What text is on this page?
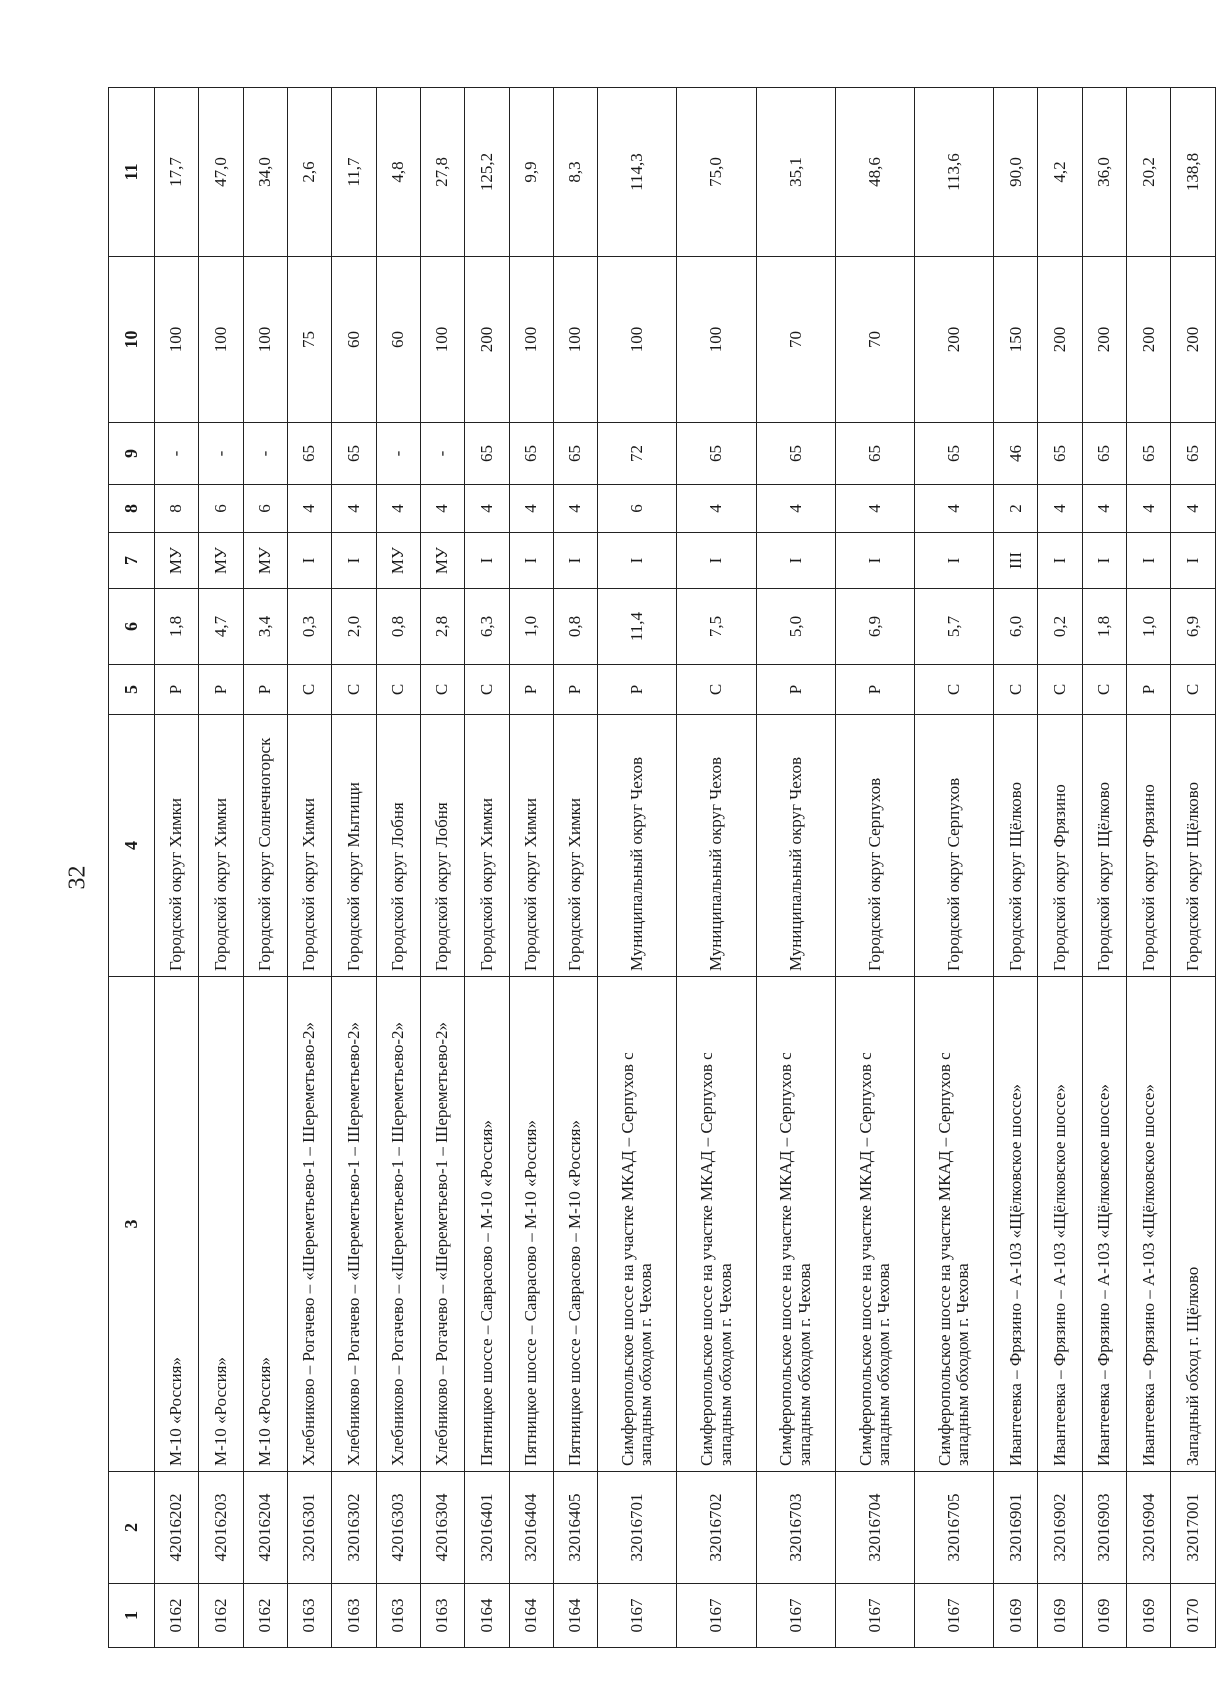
32
1	2	3	4	5	6	7	8	9	10	11
0162	42016202	М-10 «Россия»	Городской округ Химки	Р	1,8	МУ	8	-	100	17,7
0162	42016203	М-10 «Россия»	Городской округ Химки	Р	4,7	МУ	6	-	100	47,0
0162	42016204	М-10 «Россия»	Городской округ Солнечногорск	Р	3,4	МУ	6	-	100	34,0
0163	32016301	Хлебниково – Рогачево – «Шереметьево-1 – Шереметьево-2»	Городской округ Химки	С	0,3	I	4	65	75	2,6
0163	32016302	Хлебниково – Рогачево – «Шереметьево-1 – Шереметьево-2»	Городской округ Мытищи	С	2,0	I	4	65	60	11,7
0163	42016303	Хлебниково – Рогачево – «Шереметьево-1 – Шереметьево-2»	Городской округ Лобня	С	0,8	МУ	4	-	60	4,8
0163	42016304	Хлебниково – Рогачево – «Шереметьево-1 – Шереметьево-2»	Городской округ Лобня	С	2,8	МУ	4	-	100	27,8
0164	32016401	Пятницкое шоссе – Саврасово – М-10 «Россия»	Городской округ Химки	С	6,3	I	4	65	200	125,2
0164	32016404	Пятницкое шоссе – Саврасово – М-10 «Россия»	Городской округ Химки	Р	1,0	I	4	65	100	9,9
0164	32016405	Пятницкое шоссе – Саврасово – М-10 «Россия»	Городской округ Химки	Р	0,8	I	4	65	100	8,3
0167	32016701	Симферопольское шоссе на участке МКАД – Серпухов с западным обходом г. Чехова	Муниципальный округ Чехов	Р	11,4	I	6	72	100	114,3
0167	32016702	Симферопольское шоссе на участке МКАД – Серпухов с западным обходом г. Чехова	Муниципальный округ Чехов	С	7,5	I	4	65	100	75,0
0167	32016703	Симферопольское шоссе на участке МКАД – Серпухов с западным обходом г. Чехова	Муниципальный округ Чехов	Р	5,0	I	4	65	70	35,1
0167	32016704	Симферопольское шоссе на участке МКАД – Серпухов с западным обходом г. Чехова	Городской округ Серпухов	Р	6,9	I	4	65	70	48,6
0167	32016705	Симферопольское шоссе на участке МКАД – Серпухов с западным обходом г. Чехова	Городской округ Серпухов	С	5,7	I	4	65	200	113,6
0169	32016901	Ивантеевка – Фрязино – А-103 «Щёлковское шоссе»	Городской округ Щёлково	С	6,0	III	2	46	150	90,0
0169	32016902	Ивантеевка – Фрязино – А-103 «Щёлковское шоссе»	Городской округ Фрязино	С	0,2	I	4	65	200	4,2
0169	32016903	Ивантеевка – Фрязино – А-103 «Щёлковское шоссе»	Городской округ Щёлково	С	1,8	I	4	65	200	36,0
0169	32016904	Ивантеевка – Фрязино – А-103 «Щёлковское шоссе»	Городской округ Фрязино	Р	1,0	I	4	65	200	20,2
0170	32017001	Западный обход г. Щёлково	Городской округ Щёлково	С	6,9	I	4	65	200	138,8
